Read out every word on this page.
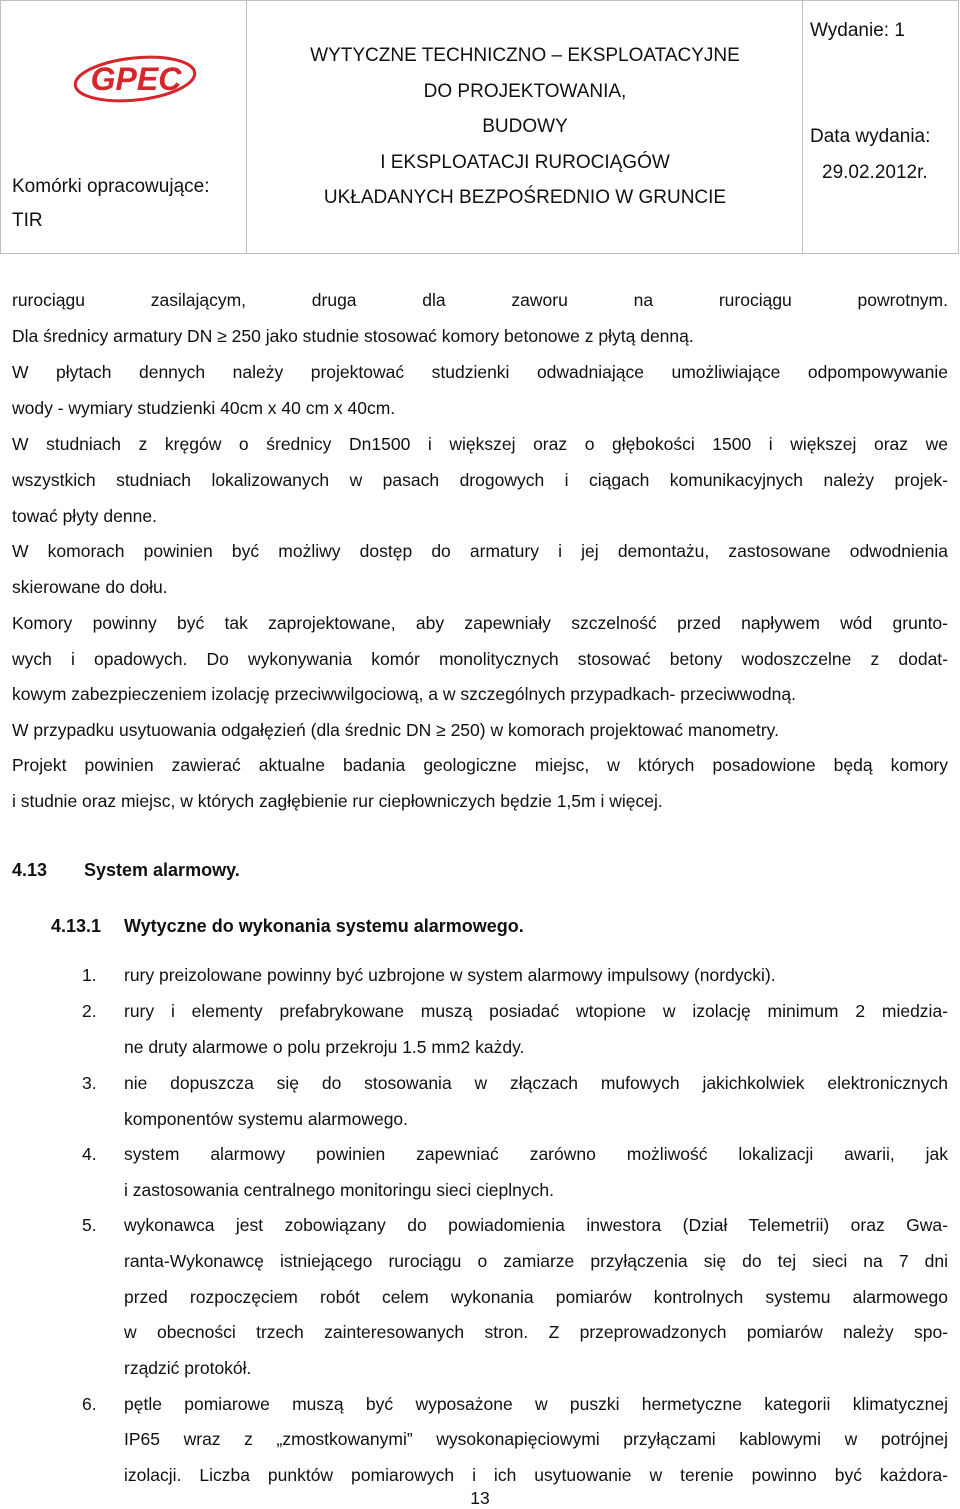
GPEC
Komórki opracowujące:
TIR
WYTYCZNE TECHNICZNO – EKSPLOATACYJNE
DO PROJEKTOWANIA,
BUDOWY
I EKSPLOATACJI RUROCIĄGÓW
UKŁADANYCH BEZPOŚREDNIO W GRUNCIE
Wydanie: 1
Data wydania:
29.02.2012r.
rurociągu zasilającym, druga dla zaworu na rurociągu powrotnym.
Dla średnicy armatury DN ≥ 250 jako studnie stosować komory betonowe z płytą denną.
W płytach dennych należy projektować studzienki odwadniające umożliwiające odpompowywanie
wody - wymiary studzienki 40cm x 40 cm x 40cm.
W studniach z kręgów o średnicy Dn1500 i większej oraz o głębokości 1500 i większej oraz we
wszystkich studniach lokalizowanych w pasach drogowych i ciągach komunikacyjnych należy projek-
tować płyty denne.
W komorach powinien być możliwy dostęp do armatury i jej demontażu, zastosowane odwodnienia
skierowane do dołu.
Komory powinny być tak zaprojektowane, aby zapewniały szczelność przed napływem wód grunto-
wych i opadowych. Do wykonywania komór monolitycznych stosować betony wodoszczelne z dodat-
kowym zabezpieczeniem izolację przeciwwilgociową, a w szczególnych przypadkach- przeciwwodną.
W przypadku usytuowania odgałęzień (dla średnic DN ≥ 250) w komorach projektować manometry.
Projekt powinien zawierać aktualne badania geologiczne miejsc, w których posadowione będą komory
i studnie oraz miejsc, w których zagłębienie rur ciepłowniczych będzie 1,5m i więcej.
4.13 System alarmowy.
4.13.1 Wytyczne do wykonania systemu alarmowego.
1. rury preizolowane powinny być uzbrojone w system alarmowy impulsowy (nordycki).
2. rury i elementy prefabrykowane muszą posiadać wtopione w izolację minimum 2 miedzia-
ne druty alarmowe o polu przekroju 1.5 mm2 każdy.
3. nie dopuszcza się do stosowania w złączach mufowych jakichkolwiek elektronicznych
komponentów systemu alarmowego.
4. system alarmowy powinien zapewniać zarówno możliwość lokalizacji awarii, jak
i zastosowania centralnego monitoringu sieci cieplnych.
5. wykonawca jest zobowiązany do powiadomienia inwestora (Dział Telemetrii) oraz Gwa-
ranta-Wykonawcę istniejącego rurociągu o zamiarze przyłączenia się do tej sieci na 7 dni
przed rozpoczęciem robót celem wykonania pomiarów kontrolnych systemu alarmowego
w obecności trzech zainteresowanych stron. Z przeprowadzonych pomiarów należy spo-
rządzić protokół.
6. pętle pomiarowe muszą być wyposażone w puszki hermetyczne kategorii klimatycznej
IP65 wraz z „zmostkowanymi” wysokonapięciowymi przyłączami kablowymi w potrójnej
izolacji. Liczba punktów pomiarowych i ich usytuowanie w terenie powinno być każdora-
13
